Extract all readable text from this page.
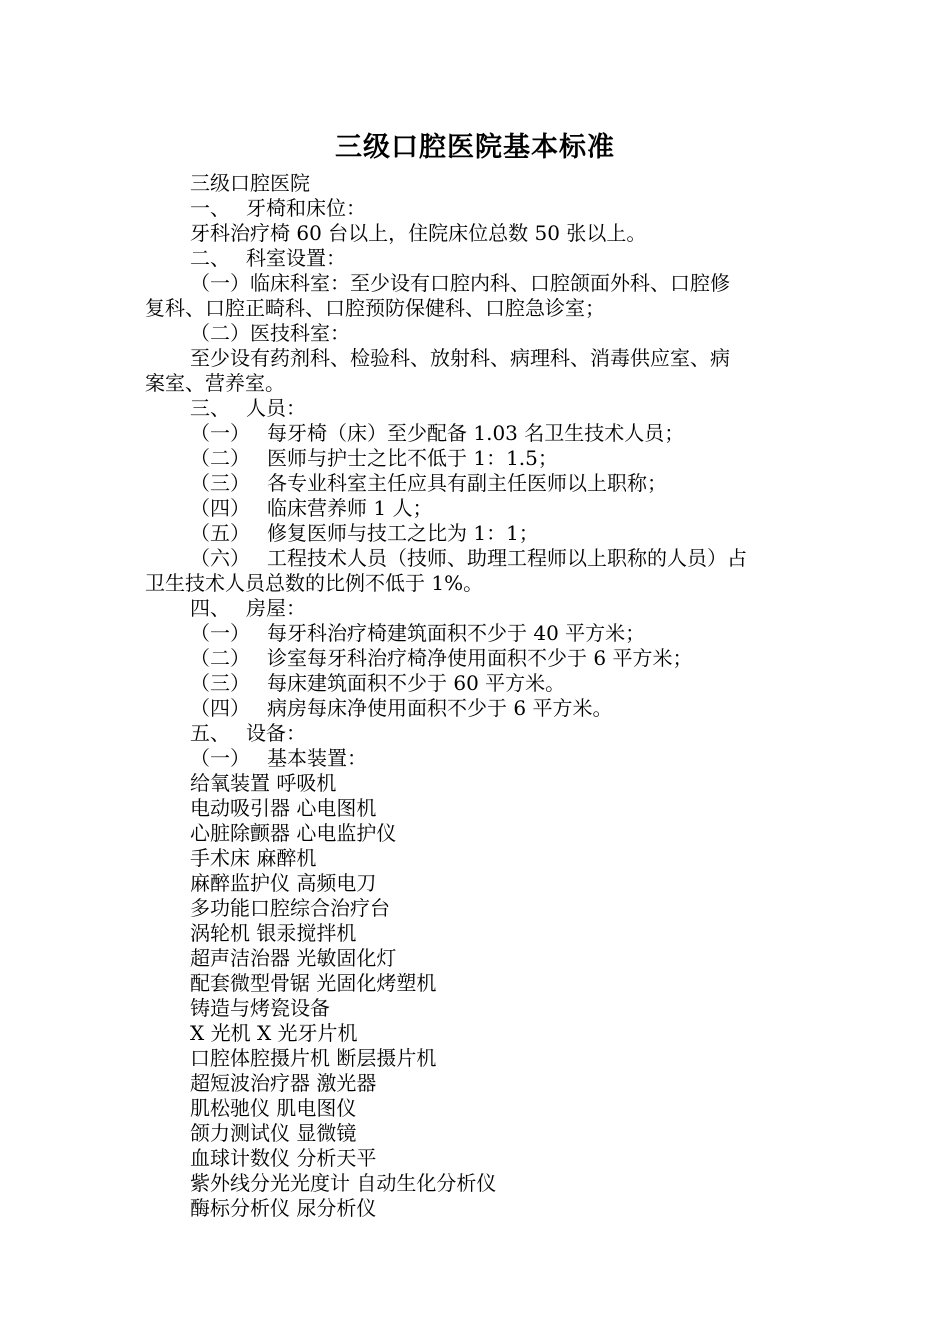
三级口腔医院基本标准
三级口腔医院
一、 牙椅和床位：
牙科治疗椅 60 台以上，住院床位总数 50 张以上。
二、 科室设置：
（一）临床科室：至少设有口腔内科、口腔颌面外科、口腔修
复科、口腔正畸科、口腔预防保健科、口腔急诊室；
（二）医技科室：
至少设有药剂科、检验科、放射科、病理科、消毒供应室、病
案室、营养室。
三、 人员：
（一） 每牙椅（床）至少配备 1.03 名卫生技术人员；
（二） 医师与护士之比不低于 1：1.5；
（三） 各专业科室主任应具有副主任医师以上职称；
（四） 临床营养师 1 人；
（五） 修复医师与技工之比为 1：1；
（六） 工程技术人员（技师、助理工程师以上职称的人员）占
卫生技术人员总数的比例不低于 1%。
四、 房屋：
（一） 每牙科治疗椅建筑面积不少于 40 平方米；
（二） 诊室每牙科治疗椅净使用面积不少于 6 平方米；
（三） 每床建筑面积不少于 60 平方米。
（四） 病房每床净使用面积不少于 6 平方米。
五、 设备：
（一） 基本装置：
给氧装置 呼吸机
电动吸引器 心电图机
心脏除颤器 心电监护仪
手术床 麻醉机
麻醉监护仪 高频电刀
多功能口腔综合治疗台
涡轮机 银汞搅拌机
超声洁治器 光敏固化灯
配套微型骨锯 光固化烤塑机
铸造与烤瓷设备
X 光机 X 光牙片机
口腔体腔摄片机 断层摄片机
超短波治疗器 激光器
肌松驰仪 肌电图仪
颌力测试仪 显微镜
血球计数仪 分析天平
紫外线分光光度计 自动生化分析仪
酶标分析仪 尿分析仪
